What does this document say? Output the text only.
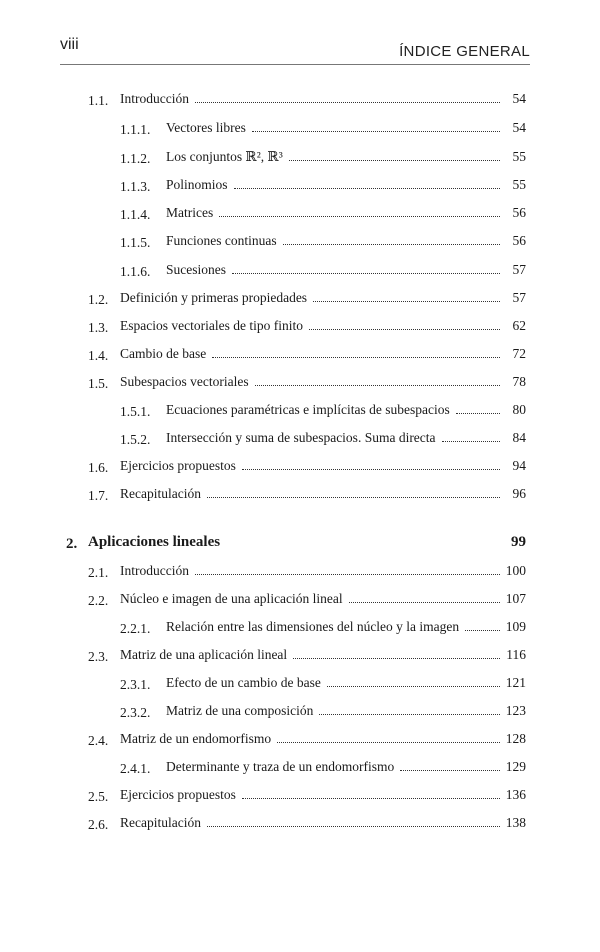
viii	ÍNDICE GENERAL
1.1. Introducción	54
1.1.1. Vectores libres	54
1.1.2. Los conjuntos ℝ², ℝ³	55
1.1.3. Polinomios	55
1.1.4. Matrices	56
1.1.5. Funciones continuas	56
1.1.6. Sucesiones	57
1.2. Definición y primeras propiedades	57
1.3. Espacios vectoriales de tipo finito	62
1.4. Cambio de base	72
1.5. Subespacios vectoriales	78
1.5.1. Ecuaciones paramétricas e implícitas de subespacios	80
1.5.2. Intersección y suma de subespacios. Suma directa	84
1.6. Ejercicios propuestos	94
1.7. Recapitulación	96
2. Aplicaciones lineales	99
2.1. Introducción	100
2.2. Núcleo e imagen de una aplicación lineal	107
2.2.1. Relación entre las dimensiones del núcleo y la imagen	109
2.3. Matriz de una aplicación lineal	116
2.3.1. Efecto de un cambio de base	121
2.3.2. Matriz de una composición	123
2.4. Matriz de un endomorfismo	128
2.4.1. Determinante y traza de un endomorfismo	129
2.5. Ejercicios propuestos	136
2.6. Recapitulación	138
